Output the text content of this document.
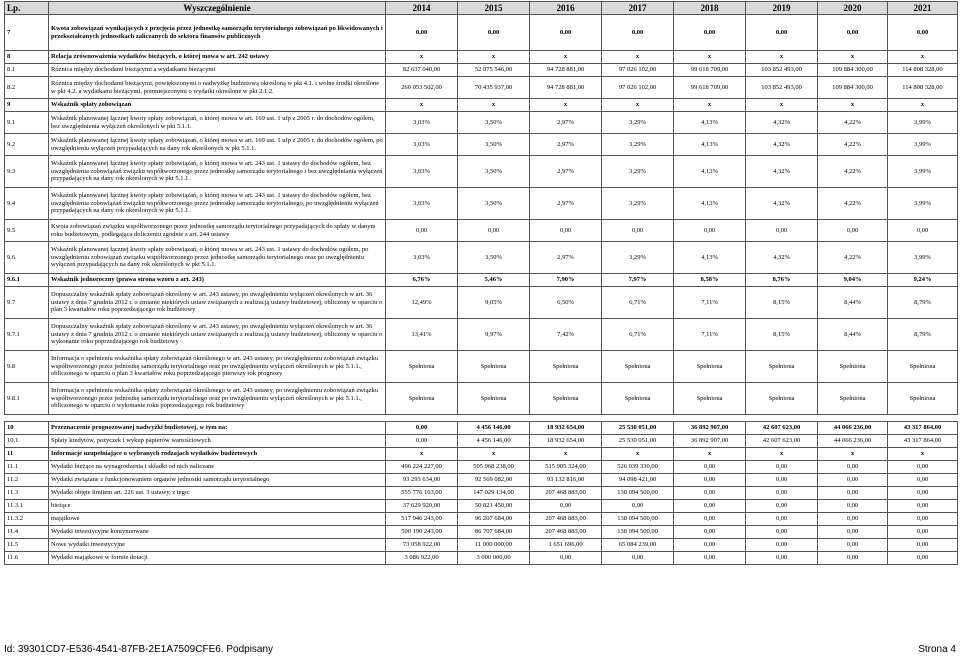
Lp.	Wyszczególnienie	2014	2015	2016	2017	2018	2019	2020	2021
7	Kwota zobowiązań wynikających z przejęcia przez jednostkę samorządu terytorialnego zobowiązań po likwidowanych i przekształcanych jednostkach zaliczanych do sektora finansów publicznych	0,00	0,00	0,00	0,00	0,00	0,00	0,00	0,00
8	Relacja zrównoważenia wydatków bieżących, o której mowa w art. 242 ustawy	x	x	x	x	x	x	x	x
8.1	Różnica między dochodami bieżącymi a wydatkami bieżącymi	82 637 040,00	52 075 546,00	94 728 881,00	97 026 102,00	99 618 709,00	103 852 493,00	109 884 300,00	114 808 328,00
8.2	Różnica między dochodami bieżącymi, powiększonymi o nadwyżkę budżetową określoną w pkt 4.1. i wolne środki określone w pkt 4.2. a wydatkami bieżącymi, pomniejszonymi o wydatki określone w pkt 2.1.2.	260 053 502,00	70 435 937,00	94 728 881,00	97 026 102,00	99 618 709,00	103 852 493,00	109 884 300,00	114 808 328,00
9	Wskaźnik spłaty zobowiązań	x	x	x	x	x	x	x	x
9.1	Wskaźnik planowanej łącznej kwoty spłaty zobowiązań, o której mowa w art. 169 ust. 1 ufp z 2005 r. do dochodów ogółem, bez uwzględnienia wyłączeń określonych w pkt 5.1.1.	3,03%	3,50%	2,97%	3,29%	4,13%	4,32%	4,22%	3,99%
9.2	Wskaźnik planowanej łącznej kwoty spłaty zobowiązań, o której mowa w art. 169 ust. 1 ufp z 2005 r. do dochodów ogółem, po uwzględnieniu wyłączeń przypadających na dany rok określonych w pkt 5.1.1.	3,03%	3,50%	2,97%	3,29%	4,13%	4,32%	4,22%	3,99%
9.3	Wskaźnik planowanej łącznej kwoty spłaty zobowiązań, o której mowa w art. 243 ust. 1 ustawy do dochodów ogółem, bez uwzględnienia zobowiązań związku współtworzonego przez jednostkę samorządu terytorialnego i bez uwzględniania wyłączeń przypadających na dany rok określonych w pkt 5.1.1.	3,03%	3,50%	2,97%	3,29%	4,13%	4,32%	4,22%	3,99%
9.4	Wskaźnik planowanej łącznej kwoty spłaty zobowiązań, o której mowa w art. 243 ust. 1 ustawy do dochodów ogółem, bez uwzględnienia zobowiązań związku współtworzonego przez jednostkę samorządu terytorialnego, po uwzględnieniu wyłączeń przypadających na dany rok określonych w pkt 5.1.1.	3,03%	3,50%	2,97%	3,29%	4,13%	4,32%	4,22%	3,99%
9.5	Kwota zobowiązań związku współtworzonego przez jednostkę samorządu terytorialnego przypadających do spłaty w danym roku budżetowym, podlegająca doliczeniu zgodnie z art. 244 ustawy	0,00	0,00	0,00	0,00	0,00	0,00	0,00	0,00
9.6	Wskaźnik planowanej łącznej kwoty spłaty zobowiązań, o której mowa w art. 243 ust. 1 ustawy do dochodów ogółem, po uwzględnieniu zobowiązań związku współtworzonego przez jednostkę samorządu terytorialnego oraz po uwzględnieniu wyłączeń przypadających na dany rok określonych w pkt 5.1.1.	3,03%	3,50%	2,97%	3,29%	4,13%	4,32%	4,22%	3,99%
9.6.1	Wskaźnik jednoroczny (prawa strona wzoru z art. 243)	6,76%	5,46%	7,90%	7,97%	8,58%	8,76%	9,04%	9,24%
9.7	Dopuszczalny wskaźnik spłaty zobowiązań określony w art. 243 ustawy, po uwzględnieniu wyłączeń określonych w art. 36 ustawy z dnia 7 grudnia 2012 r. o zmianie niektórych ustaw związanych z realizacją ustawy budżetowej, obliczony w oparciu o plan 3 kwartałów roku poprzedzającego rok budżetowy	12,49%	9,05%	6,50%	6,71%	7,11%	8,15%	8,44%	8,79%
9.7.1	Dopuszczalny wskaźnik spłaty zobowiązań określony w art. 243 ustawy, po uwzględnieniu wyłączeń określonych w art. 36 ustawy z dnia 7 grudnia 2012 r. o zmianie niektórych ustaw związanych z realizacją ustawy budżetowej, obliczony w oparciu o wykonanie roku poprzedzającego rok budżetowy	13,41%	9,97%	7,42%	6,71%	7,11%	8,15%	8,44%	8,79%
9.8	Informacja o spełnieniu wskaźnika spłaty zobowiązań określonego w art. 243 ustawy, po uwzględnieniu zobowiązań związku współtworzonego przez jednostkę samorządu terytorialnego oraz po uwzględnieniu wyłączeń określonych w pkt 5.1.1., obliczonego w oparciu o plan 3 kwartałów roku poprzedzającego pierwszy rok prognozy	Spełniona	Spełniona	Spełniona	Spełniona	Spełniona	Spełniona	Spełniona	Spełniona
9.8.1	Informacja o spełnieniu wskaźnika spłaty zobowiązań określonego w art. 243 ustawy, po uwzględnieniu zobowiązań związku współtworzonego przez jednostkę samorządu terytorialnego oraz po uwzględnieniu wyłączeń określonych w pkt 5.1.1., obliczonego w oparciu o wykonanie roku poprzedzającego rok budżetowy	Spełniona	Spełniona	Spełniona	Spełniona	Spełniona	Spełniona	Spełniona	Spełniona

10	Przeznaczenie prognozowanej nadwyżki budżetowej, w tym na:	0,00	4 456 146,00	18 932 654,00	25 530 051,00	36 892 907,00	42 607 623,00	44 066 236,00	43 317 864,00
10.1	Spłaty kredytów, pożyczek i wykup papierów wartościowych	0,00	4 456 146,00	18 932 654,00	25 530 051,00	36 892 907,00	42 607 623,00	44 066 236,00	43 317 864,00
11	Informacje uzupełniające o wybranych rodzajach wydatków budżetowych	x	x	x	x	x	x	x	x
11.1	Wydatki bieżące na wynagrodzenia i składki od nich naliczane	496 224 227,00	505 968 238,00	515 905 324,00	526 039 330,00	0,00	0,00	0,00	0,00
11.2	Wydatki związane z funkcjonowaniem organów jednostki samorządu terytorialnego	93 293 634,00	92 569 082,00	93 132 816,00	94 098 421,00	0,00	0,00	0,00	0,00
11.3	Wydatki objęte limitem art. 226 ust. 3 ustawy, z tego:	555 776 163,00	147 029 134,00	207 468 883,00	138 094 500,00	0,00	0,00	0,00	0,00
11.3.1	bieżące	37 629 920,00	50 821 450,00	0,00	0,00	0,00	0,00	0,00	0,00
11.3.2	majątkowe	517 946 243,00	96 207 684,00	207 468 883,00	138 094 500,00	0,00	0,00	0,00	0,00
11.4	Wydatki inwestycyjne kontynuowane	500 190 243,00	86 707 684,00	207 468 883,00	138 094 500,00	0,00	0,00	0,00	0,00
11.5	Nowe wydatki inwestycyjne	73 058 922,00	11 000 000,00	1 651 696,00	65 084 239,00	0,00	0,00	0,00	0,00
11.6	Wydatki majątkowe w formie dotacji	3 086 922,00	3 000 000,00	0,00	0,00	0,00	0,00	0,00	0,00
Id: 39301CD7-E536-4541-87FB-2E1A7509CFE6. Podpisany	Strona 4
